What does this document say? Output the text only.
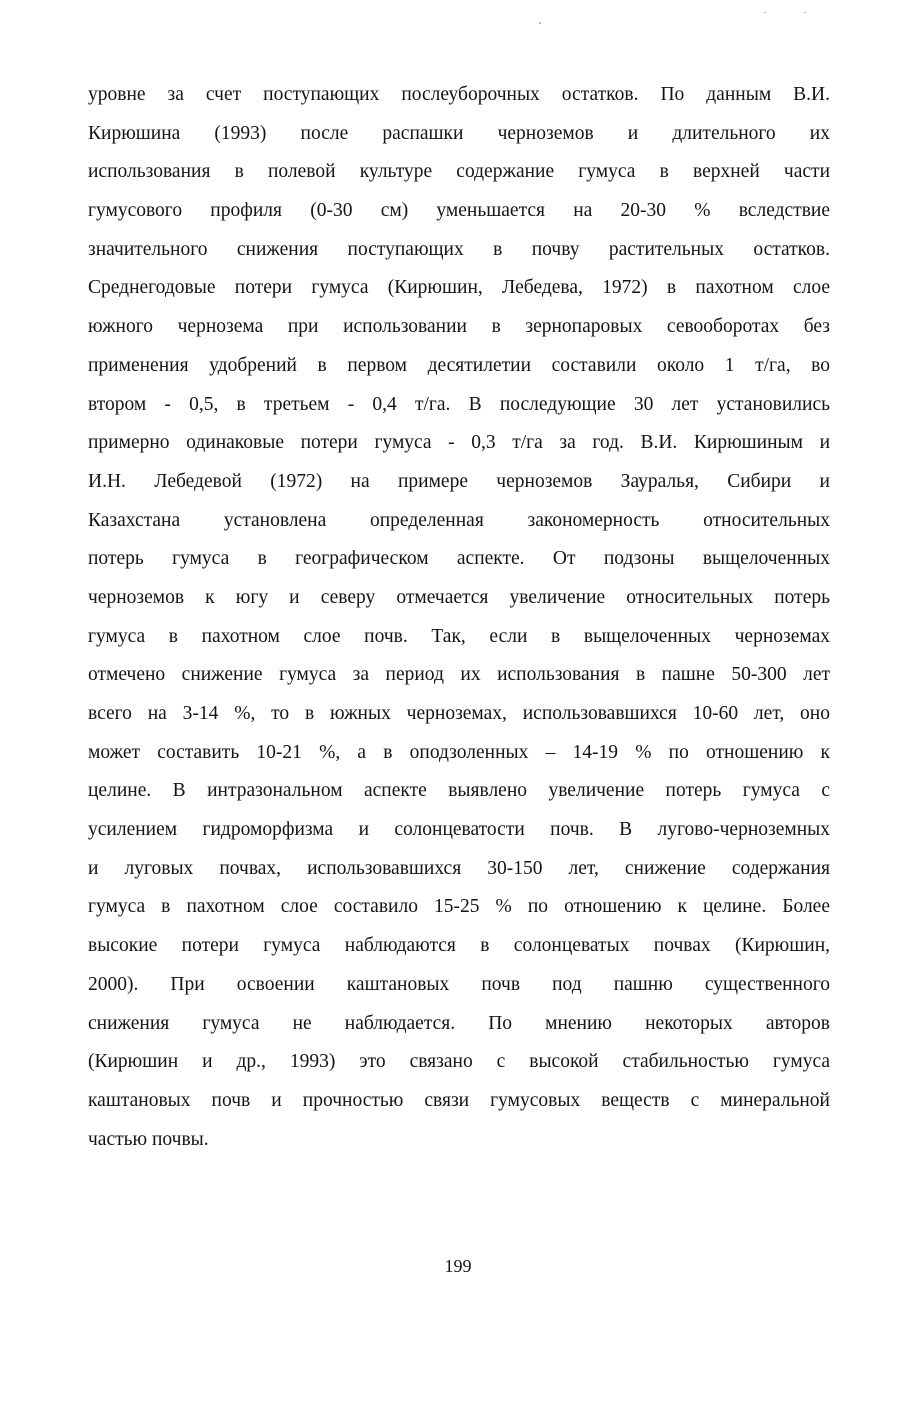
уровне за счет поступающих послеуборочных остатков. По данным В.И.
Кирюшина (1993) после распашки черноземов и длительного их
использования в полевой культуре содержание гумуса в верхней части
гумусового профиля (0-30 см) уменьшается на 20-30 % вследствие
значительного снижения поступающих в почву растительных остатков.
Среднегодовые потери гумуса (Кирюшин, Лебедева, 1972) в пахотном слое
южного чернозема при использовании в зернопаровых севооборотах без
применения удобрений в первом десятилетии составили около 1 т/га, во
втором - 0,5, в третьем - 0,4 т/га. В последующие 30 лет установились
примерно одинаковые потери гумуса - 0,3 т/га за год. В.И. Кирюшиным и
И.Н. Лебедевой (1972) на примере черноземов Зауралья, Сибири и
Казахстана установлена определенная закономерность относительных
потерь гумуса в географическом аспекте. От подзоны выщелоченных
черноземов к югу и северу отмечается увеличение относительных потерь
гумуса в пахотном слое почв. Так, если в выщелоченных черноземах
отмечено снижение гумуса за период их использования в пашне 50-300 лет
всего на 3-14 %, то в южных черноземах, использовавшихся 10-60 лет, оно
может составить 10-21 %, а в оподзоленных – 14-19 % по отношению к
целине. В интразональном аспекте выявлено увеличение потерь гумуса с
усилением гидроморфизма и солонцеватости почв. В лугово-черноземных
и луговых почвах, использовавшихся 30-150 лет, снижение содержания
гумуса в пахотном слое составило 15-25 % по отношению к целине. Более
высокие потери гумуса наблюдаются в солонцеватых почвах (Кирюшин,
2000). При освоении каштановых почв под пашню существенного
снижения гумуса не наблюдается. По мнению некоторых авторов
(Кирюшин и др., 1993) это связано с высокой стабильностью гумуса
каштановых почв и прочностью связи гумусовых веществ с минеральной
частью почвы.
199
